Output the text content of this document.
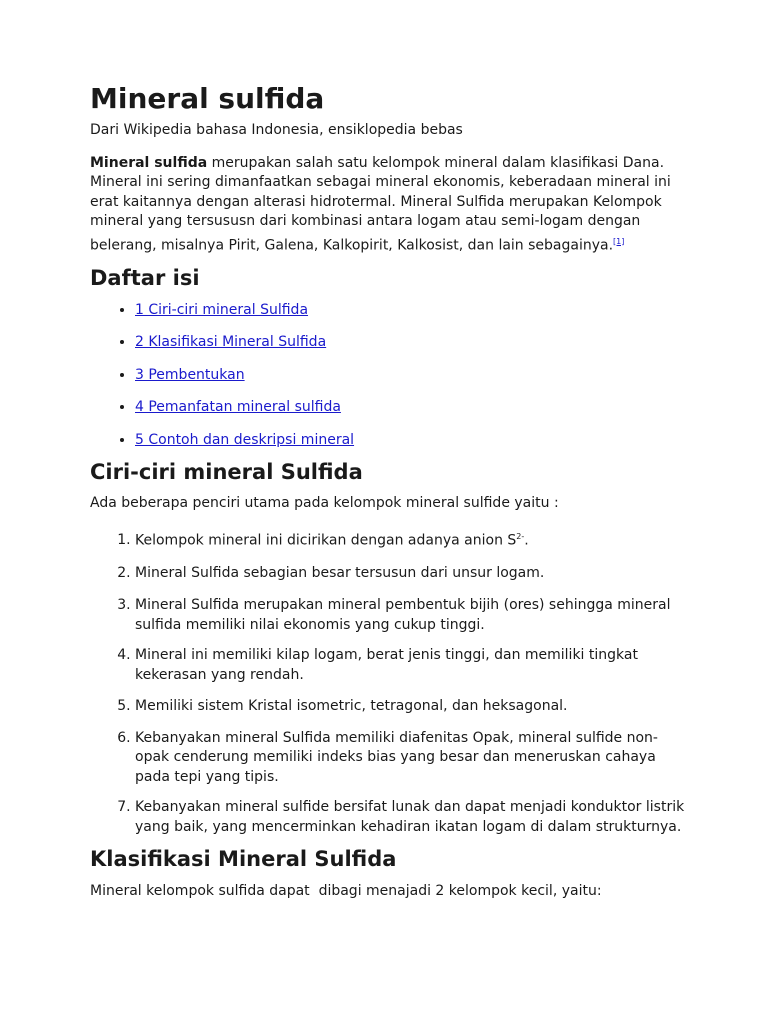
Mineral sulfida

Dari Wikipedia bahasa Indonesia, ensiklopedia bebas

Mineral sulfida merupakan salah satu kelompok mineral dalam klasifikasi Dana. Mineral ini sering dimanfaatkan sebagai mineral ekonomis, keberadaan mineral ini erat kaitannya dengan alterasi hidrotermal. Mineral Sulfida merupakan Kelompok mineral yang tersususn dari kombinasi antara logam atau semi-logam dengan belerang, misalnya Pirit, Galena, Kalkopirit, Kalkosist, dan lain sebagainya.[1]

Daftar isi
• 1 Ciri-ciri mineral Sulfida
• 2 Klasifikasi Mineral Sulfida
• 3 Pembentukan
• 4 Pemanfatan mineral sulfida
• 5 Contoh dan deskripsi mineral
Ciri-ciri mineral Sulfida

Ada beberapa penciri utama pada kelompok mineral sulfide yaitu :

1. Kelompok mineral ini dicirikan dengan adanya anion $S^{2-}$.
2. Mineral Sulfida sebagian besar tersusun dari unsur logam.
3. Mineral Sulfida merupakan mineral pembentuk bijih (ores) sehingga mineral sulfida memiliki nilai ekonomis yang cukup tinggi.
4. Mineral ini memiliki kilap logam, berat jenis tinggi, dan memiliki tingkat kekerasan yang rendah.
5. Memiliki sistem Kristal isometric, tetragonal, dan heksagonal.
6. Kebanyakan mineral Sulfida memiliki diafenitas Opak, mineral sulfide non-opak cenderung memiliki indeks bias yang besar dan meneruskan cahaya pada tepi yang tipis.
7. Kebanyakan mineral sulfide bersifat lunak dan dapat menjadi konduktor listrik yang baik, yang mencerminkan kehadiran ikatan logam di dalam strukturnya.
Klasifikasi Mineral Sulfida

Mineral kelompok sulfida dapat  dibagi menajadi 2 kelompok kecil, yaitu:
